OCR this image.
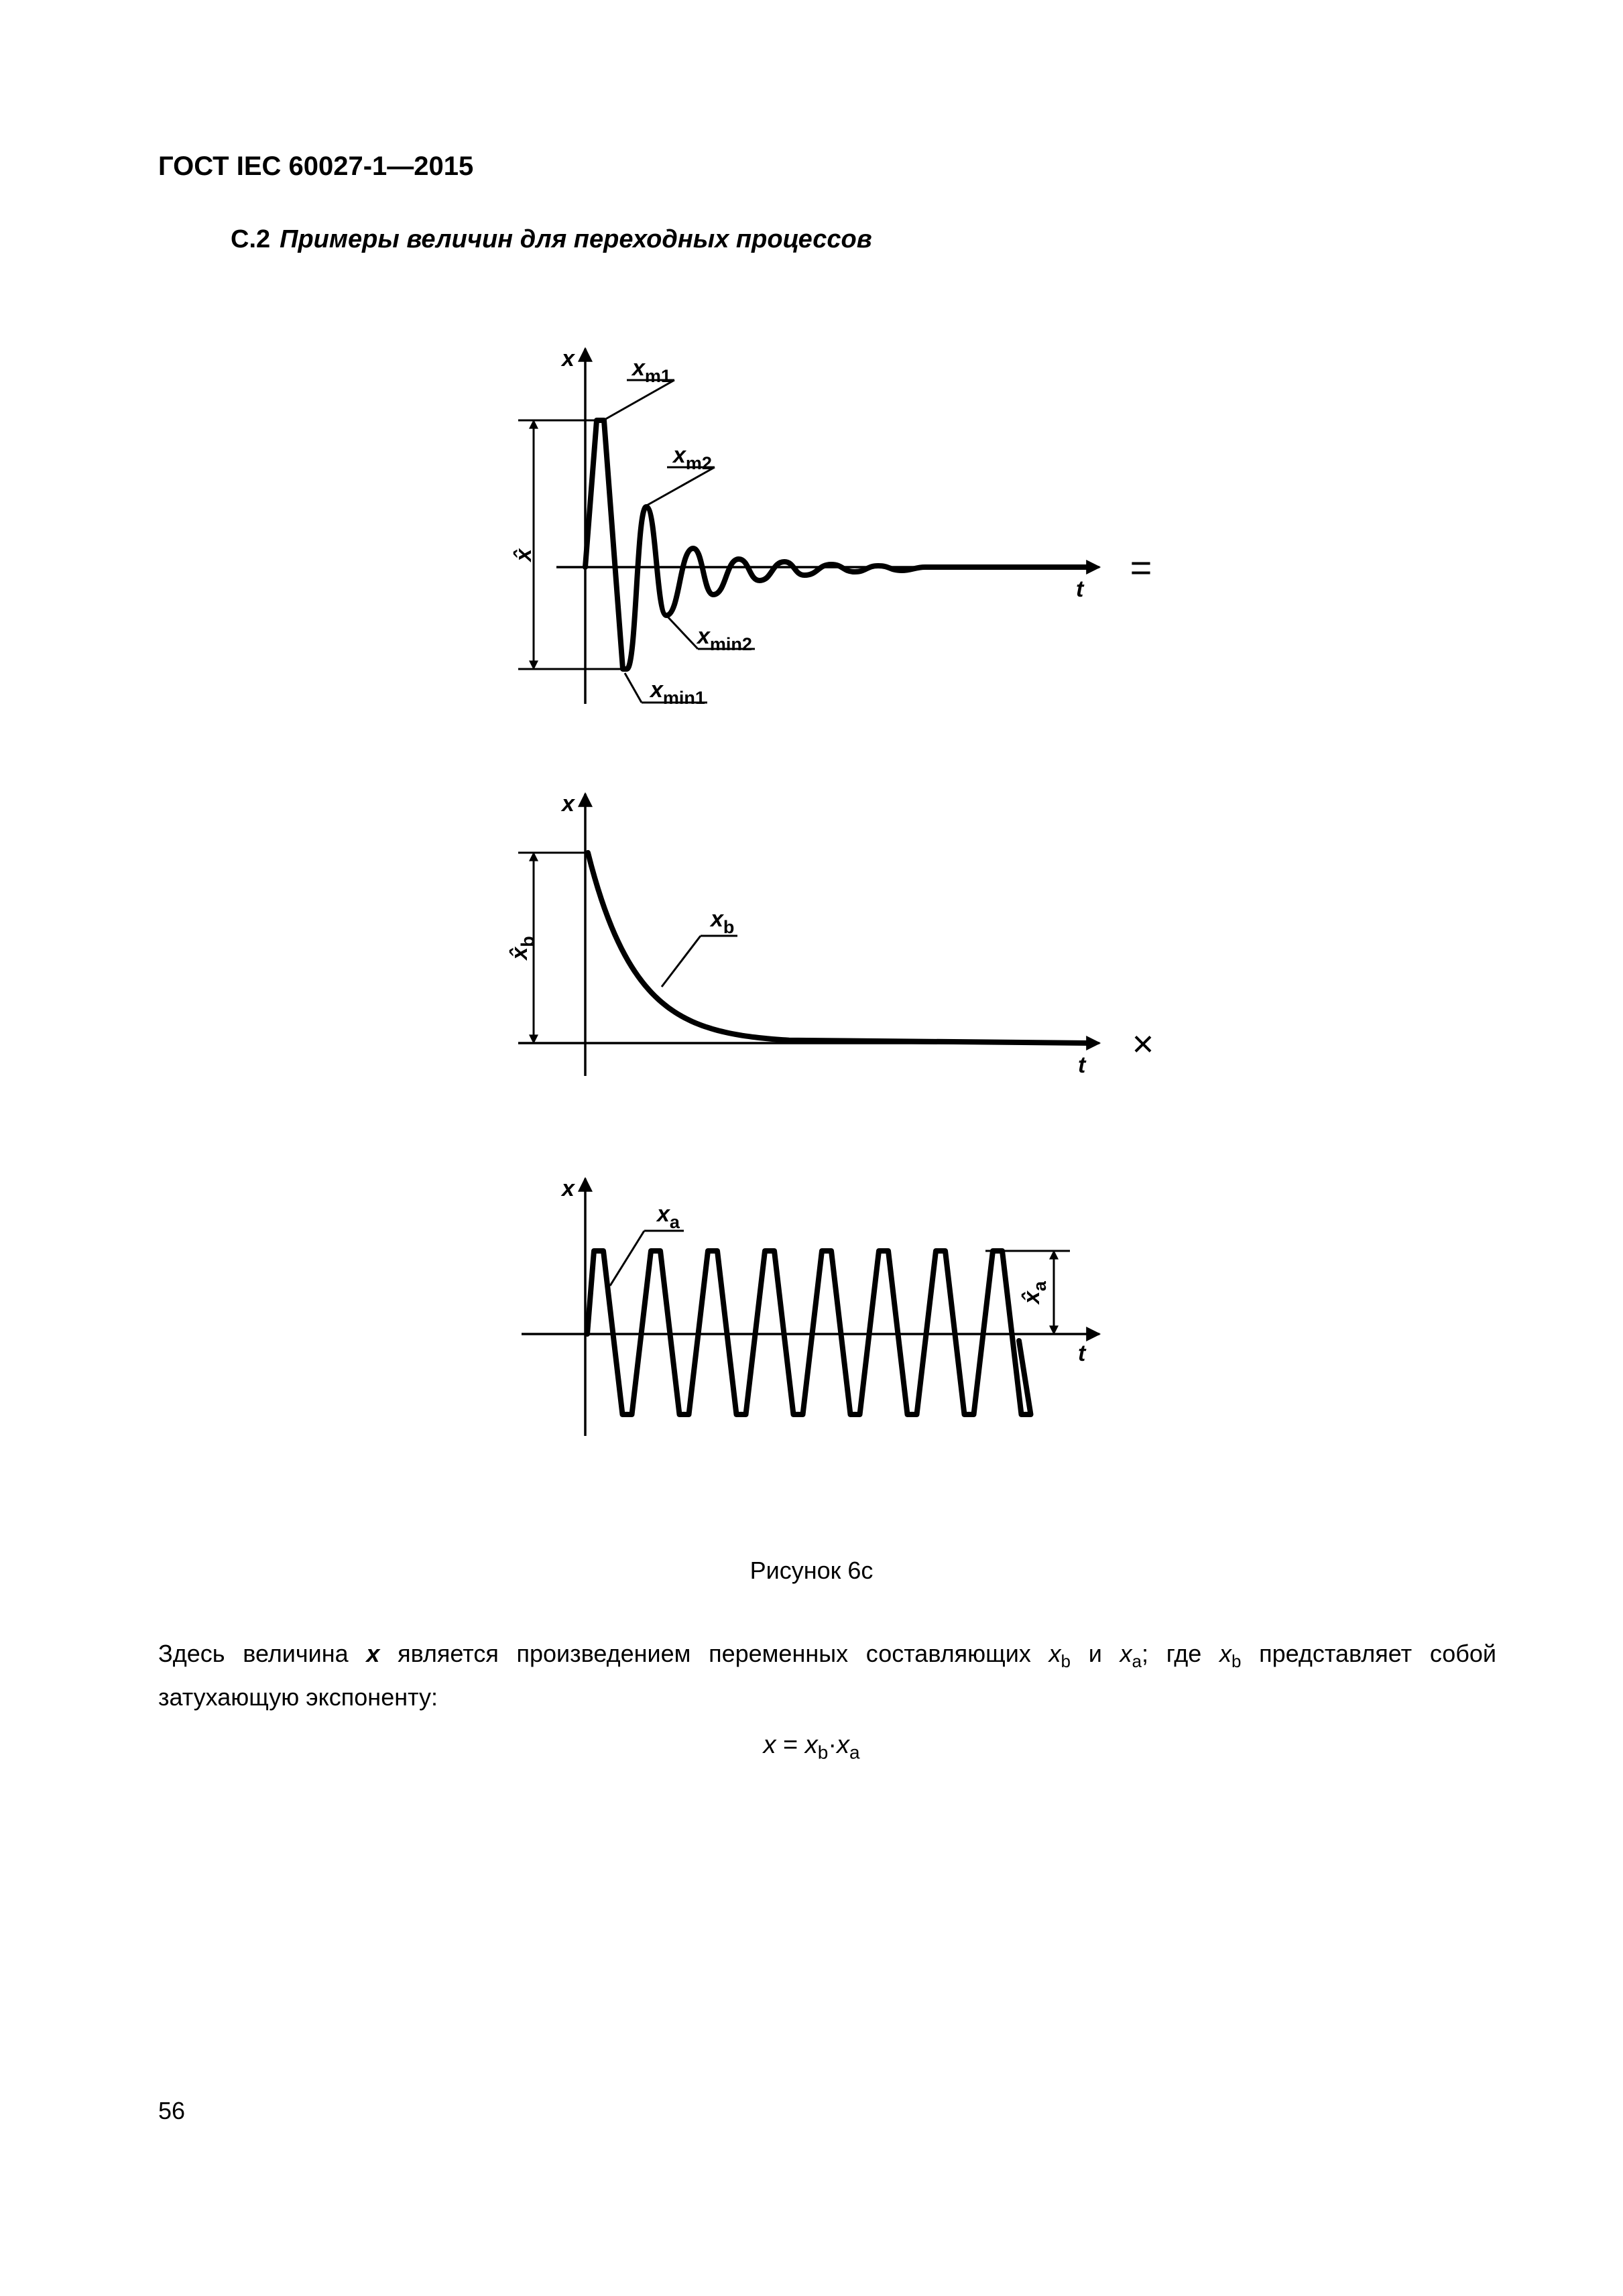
ГОСТ IEC 60027-1—2015
С.2 Примеры величин для переходных процессов
x
t
x̂
$x_{m1}$
$x_{m2}$
$x_{min2}$
$x_{min1}$
=
x
t
$x̂_b$
$x_b$
×
x
t
$x̂_a$
$x_a$
Рисунок 6с
Здесь величина x является произведением переменных составляющих $x_b$ и $x_a$; где $x_b$ представляет собой затухающую экспоненту:
$x = x_b\cdot x_a$
56
